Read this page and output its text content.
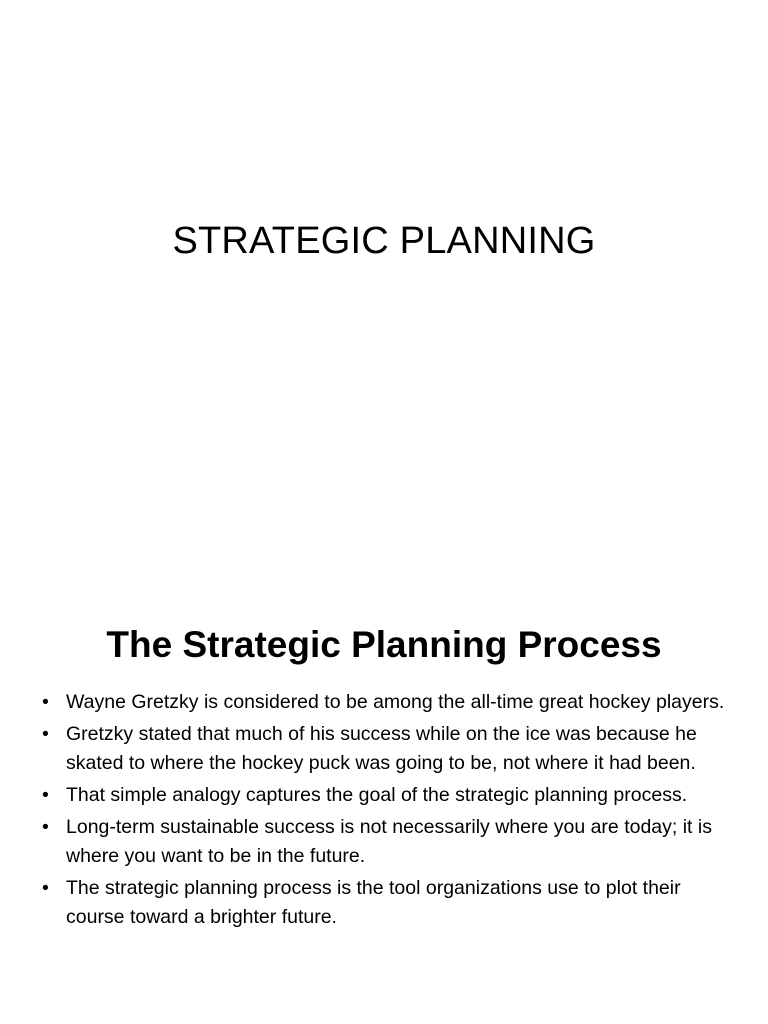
STRATEGIC PLANNING
The Strategic Planning Process
• Wayne Gretzky is considered to be among the all-time great hockey players.
• Gretzky stated that much of his success while on the ice was because he skated to where the hockey puck was going to be, not where it had been.
• That simple analogy captures the goal of the strategic planning process.
• Long-term sustainable success is not necessarily where you are today; it is where you want to be in the future.
• The strategic planning process is the tool organizations use to plot their course toward a brighter future.
